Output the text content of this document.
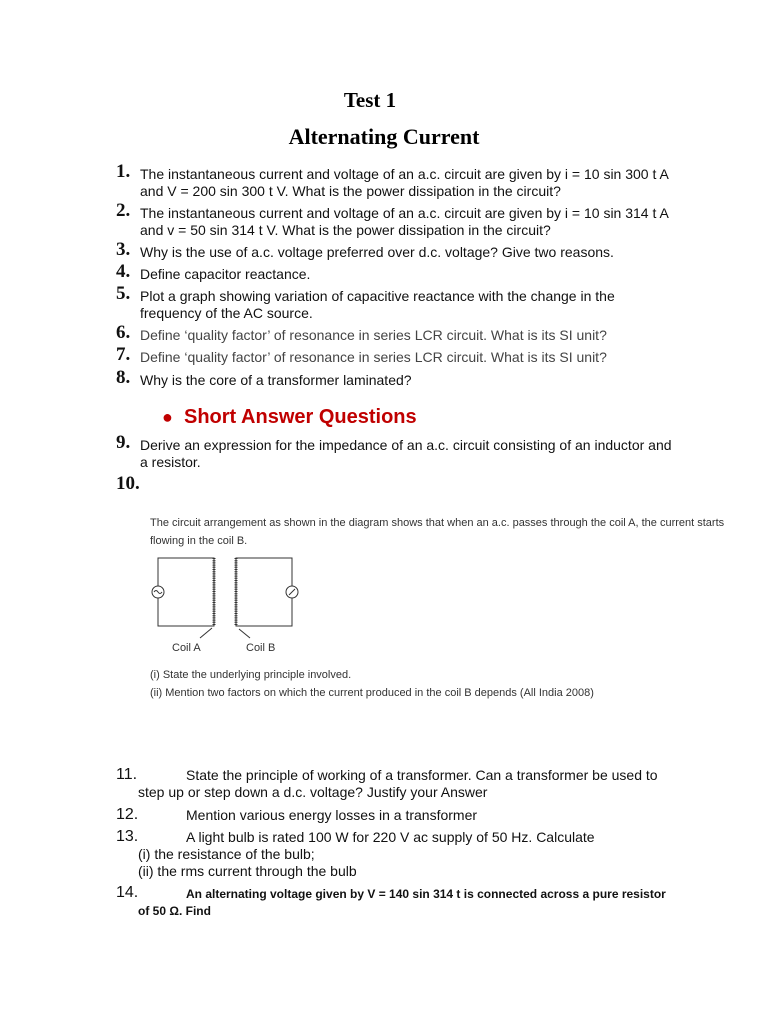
Test 1
Alternating Current
1. The instantaneous current and voltage of an a.c. circuit are given by i = 10 sin 300 t A and V = 200 sin 300 t V. What is the power dissipation in the circuit?
2. The instantaneous current and voltage of an a.c. circuit are given by i = 10 sin 314 t A and v = 50 sin 314 t V. What is the power dissipation in the circuit?
3. Why is the use of a.c. voltage preferred over d.c. voltage? Give two reasons.
4. Define capacitor reactance.
5. Plot a graph showing variation of capacitive reactance with the change in the frequency of the AC source.
6. Define ‘quality factor’ of resonance in series LCR circuit. What is its SI unit?
7. Define ‘quality factor’ of resonance in series LCR circuit. What is its SI unit?
8. Why is the core of a transformer laminated?
● Short Answer Questions
9. Derive an expression for the impedance of an a.c. circuit consisting of an inductor and a resistor.
10.
The circuit arrangement as shown in the diagram shows that when an a.c. passes through the coil A, the current starts flowing in the coil B.
Coil A	Coil B
(i) State the underlying principle involved.
(ii) Mention two factors on which the current produced in the coil B depends (All India 2008)
11.	State the principle of working of a transformer. Can a transformer be used to
step up or step down a d.c. voltage? Justify your Answer
12.	Mention various energy losses in a transformer
13.	A light bulb is rated 100 W for 220 V ac supply of 50 Hz. Calculate
(i) the resistance of the bulb;
(ii) the rms current through the bulb
14.	An alternating voltage given by V = 140 sin 314 t is connected across a pure resistor
of 50 Ω. Find
